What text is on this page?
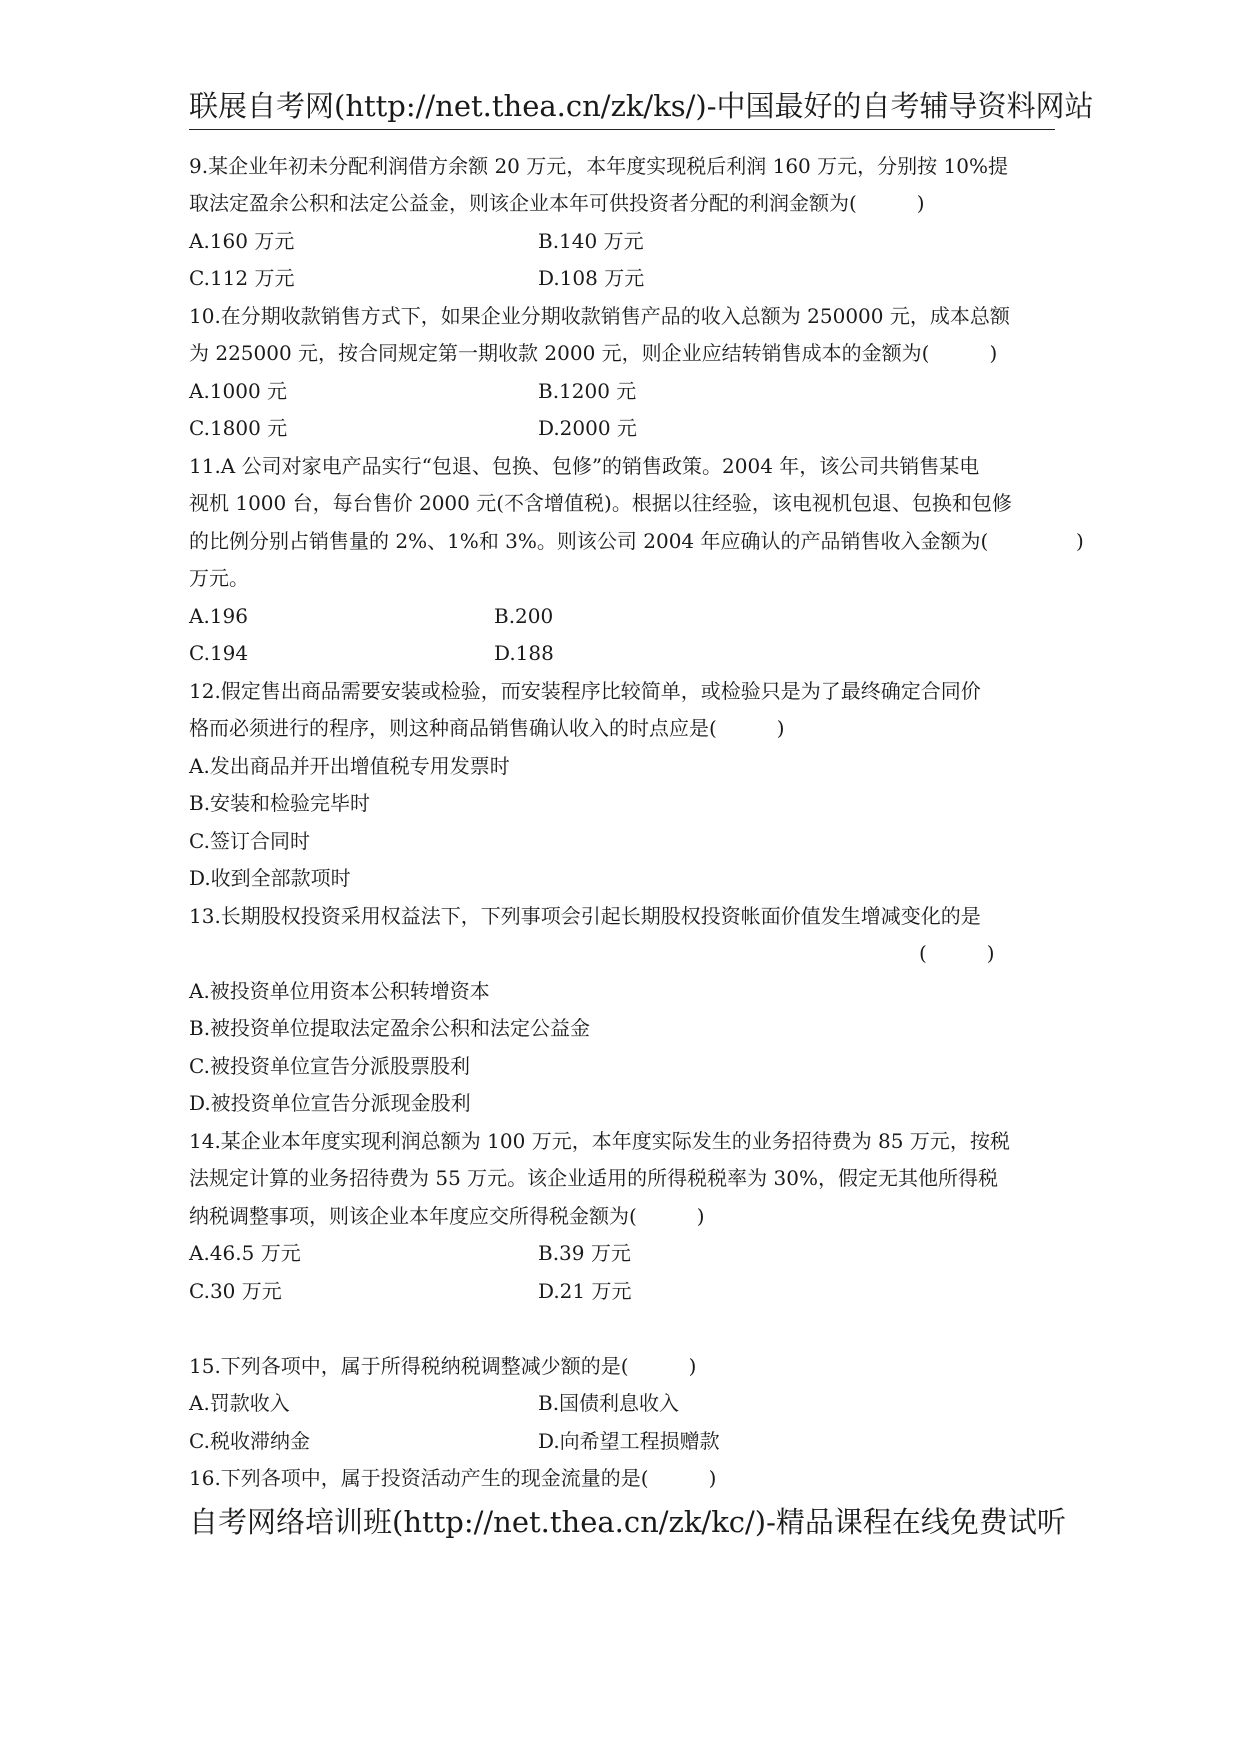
联展自考网(http://net.thea.cn/zk/ks/)-中国最好的自考辅导资料网站
9.某企业年初未分配利润借方余额 20 万元，本年度实现税后利润 160 万元，分别按 10%提
取法定盈余公积和法定公益金，则该企业本年可供投资者分配的利润金额为(　　　)
A.160 万元	B.140 万元
C.112 万元	D.108 万元
10.在分期收款销售方式下，如果企业分期收款销售产品的收入总额为 250000 元，成本总额
为 225000 元，按合同规定第一期收款 2000 元，则企业应结转销售成本的金额为(　　　)
A.1000 元	B.1200 元
C.1800 元	D.2000 元
11.A 公司对家电产品实行“包退、包换、包修”的销售政策。2004 年，该公司共销售某电
视机 1000 台，每台售价 2000 元(不含增值税)。根据以往经验，该电视机包退、包换和包修
的比例分别占销售量的 2%、1%和 3%。则该公司 2004 年应确认的产品销售收入金额为(	)
万元。
A.196	B.200
C.194	D.188
12.假定售出商品需要安装或检验，而安装程序比较简单，或检验只是为了最终确定合同价
格而必须进行的程序，则这种商品销售确认收入的时点应是(　　　)
A.发出商品并开出增值税专用发票时
B.安装和检验完毕时
C.签订合同时
D.收到全部款项时
13.长期股权投资采用权益法下，下列事项会引起长期股权投资帐面价值发生增减变化的是
(　　　)
A.被投资单位用资本公积转增资本
B.被投资单位提取法定盈余公积和法定公益金
C.被投资单位宣告分派股票股利
D.被投资单位宣告分派现金股利
14.某企业本年度实现利润总额为 100 万元，本年度实际发生的业务招待费为 85 万元，按税
法规定计算的业务招待费为 55 万元。该企业适用的所得税税率为 30%，假定无其他所得税
纳税调整事项，则该企业本年度应交所得税金额为(　　　)
A.46.5 万元	B.39 万元
C.30 万元	D.21 万元
15.下列各项中，属于所得税纳税调整减少额的是(　　　)
A.罚款收入	B.国债利息收入
C.税收滞纳金	D.向希望工程损赠款
16.下列各项中，属于投资活动产生的现金流量的是(　　　)
自考网络培训班(http://net.thea.cn/zk/kc/)-精品课程在线免费试听
